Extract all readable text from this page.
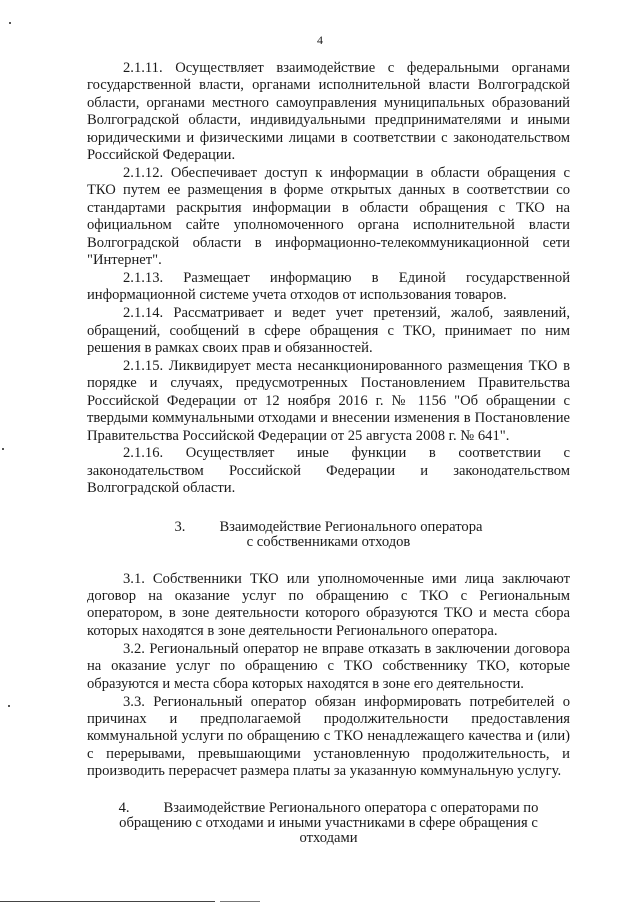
4

2.1.11. Осуществляет взаимодействие с федеральными органами государственной власти, органами исполнительной власти Волгоградской области, органами местного самоуправления муниципальных образований Волгоградской области, индивидуальными предпринимателями и иными юридическими и физическими лицами в соответствии с законодательством Российской Федерации.

2.1.12. Обеспечивает доступ к информации в области обращения с ТКО путем ее размещения в форме открытых данных в соответствии со стандартами раскрытия информации в области обращения с ТКО на официальном сайте уполномоченного органа исполнительной власти Волгоградской области в информационно-телекоммуникационной сети "Интернет".

2.1.13. Размещает информацию в Единой государственной информационной системе учета отходов от использования товаров.

2.1.14. Рассматривает и ведет учет претензий, жалоб, заявлений, обращений, сообщений в сфере обращения с ТКО, принимает по ним решения в рамках своих прав и обязанностей.

2.1.15. Ликвидирует места несанкционированного размещения ТКО в порядке и случаях, предусмотренных Постановлением Правительства Российской Федерации от 12 ноября 2016 г. № 1156 "Об обращении с твердыми коммунальными отходами и внесении изменения в Постановление Правительства Российской Федерации от 25 августа 2008 г. № 641".

2.1.16. Осуществляет иные функции в соответствии с законодательством Российской Федерации и законодательством Волгоградской области.

3. Взаимодействие Регионального оператора
с собственниками отходов

3.1. Собственники ТКО или уполномоченные ими лица заключают договор на оказание услуг по обращению с ТКО с Региональным оператором, в зоне деятельности которого образуются ТКО и места сбора которых находятся в зоне деятельности Регионального оператора.

3.2. Региональный оператор не вправе отказать в заключении договора на оказание услуг по обращению с ТКО собственнику ТКО, которые образуются и места сбора которых находятся в зоне его деятельности.

3.3. Региональный оператор обязан информировать потребителей о причинах и предполагаемой продолжительности предоставления коммунальной услуги по обращению с ТКО ненадлежащего качества и (или) с перерывами, превышающими установленную продолжительность, и производить перерасчет размера платы за указанную коммунальную услугу.

4. Взаимодействие Регионального оператора с операторами по
обращению с отходами и иными участниками в сфере обращения с
отходами
